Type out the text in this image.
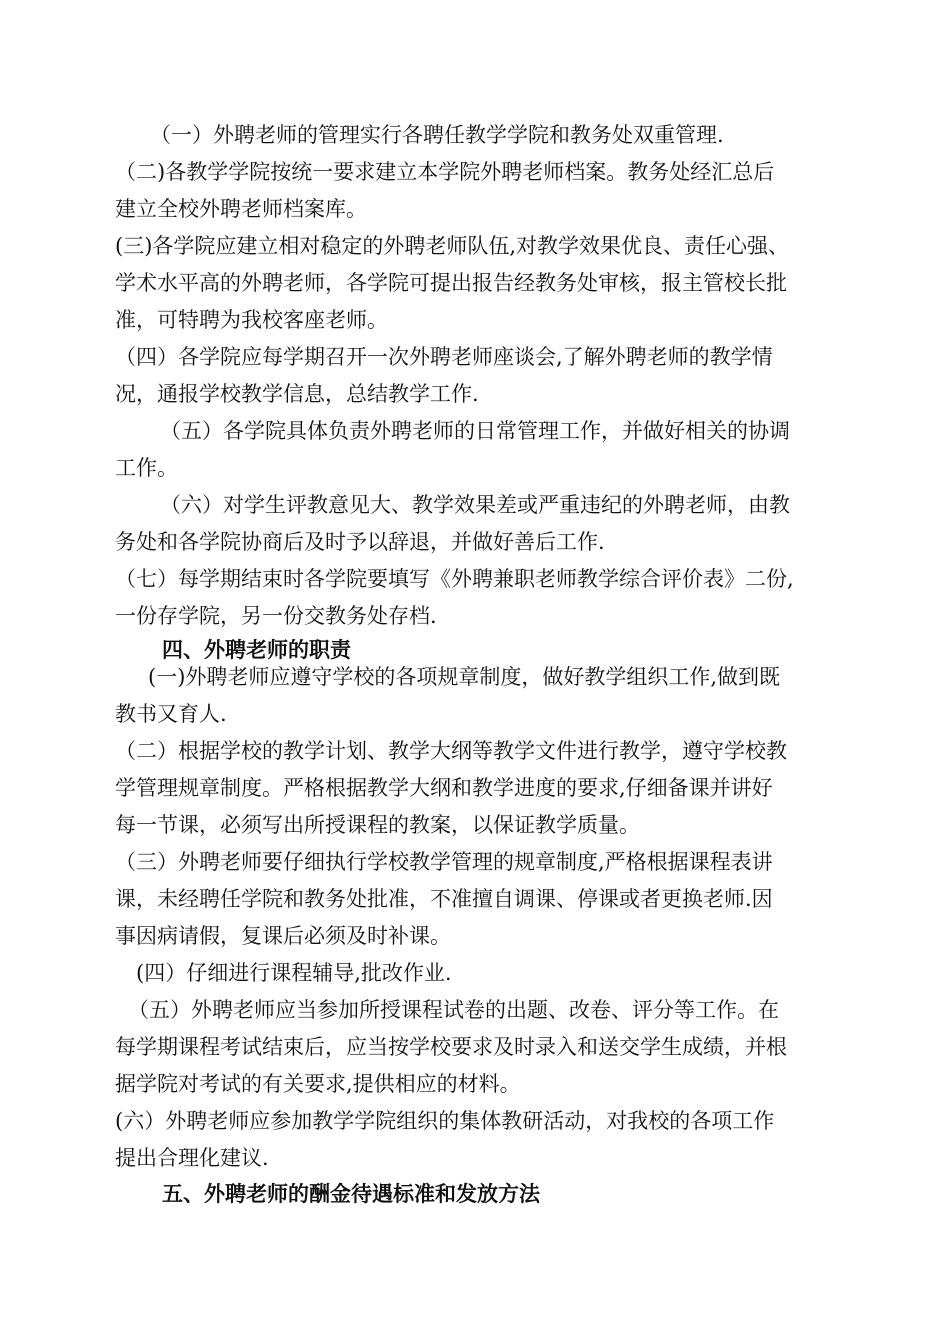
（一）外聘老师的管理实行各聘任教学学院和教务处双重管理.
（二)各教学学院按统一要求建立本学院外聘老师档案。教务处经汇总后
建立全校外聘老师档案库。
(三)各学院应建立相对稳定的外聘老师队伍,对教学效果优良、责任心强、
学术水平高的外聘老师，各学院可提出报告经教务处审核，报主管校长批
准，可特聘为我校客座老师。
（四）各学院应每学期召开一次外聘老师座谈会,了解外聘老师的教学情
况，通报学校教学信息，总结教学工作.
（五）各学院具体负责外聘老师的日常管理工作，并做好相关的协调
工作。
（六）对学生评教意见大、教学效果差或严重违纪的外聘老师，由教
务处和各学院协商后及时予以辞退，并做好善后工作.
（七）每学期结束时各学院要填写《外聘兼职老师教学综合评价表》二份,
一份存学院，另一份交教务处存档.
四、外聘老师的职责
(一)外聘老师应遵守学校的各项规章制度，做好教学组织工作,做到既
教书又育人.
（二）根据学校的教学计划、教学大纲等教学文件进行教学，遵守学校教
学管理规章制度。严格根据教学大纲和教学进度的要求,仔细备课并讲好
每一节课，必须写出所授课程的教案，以保证教学质量。
（三）外聘老师要仔细执行学校教学管理的规章制度,严格根据课程表讲
课，未经聘任学院和教务处批准，不准擅自调课、停课或者更换老师.因
事因病请假，复课后必须及时补课。
(四）仔细进行课程辅导,批改作业.
（五）外聘老师应当参加所授课程试卷的出题、改卷、评分等工作。在
每学期课程考试结束后，应当按学校要求及时录入和送交学生成绩，并根
据学院对考试的有关要求,提供相应的材料。
(六）外聘老师应参加教学学院组织的集体教研活动，对我校的各项工作
提出合理化建议.
五、外聘老师的酬金待遇标准和发放方法
